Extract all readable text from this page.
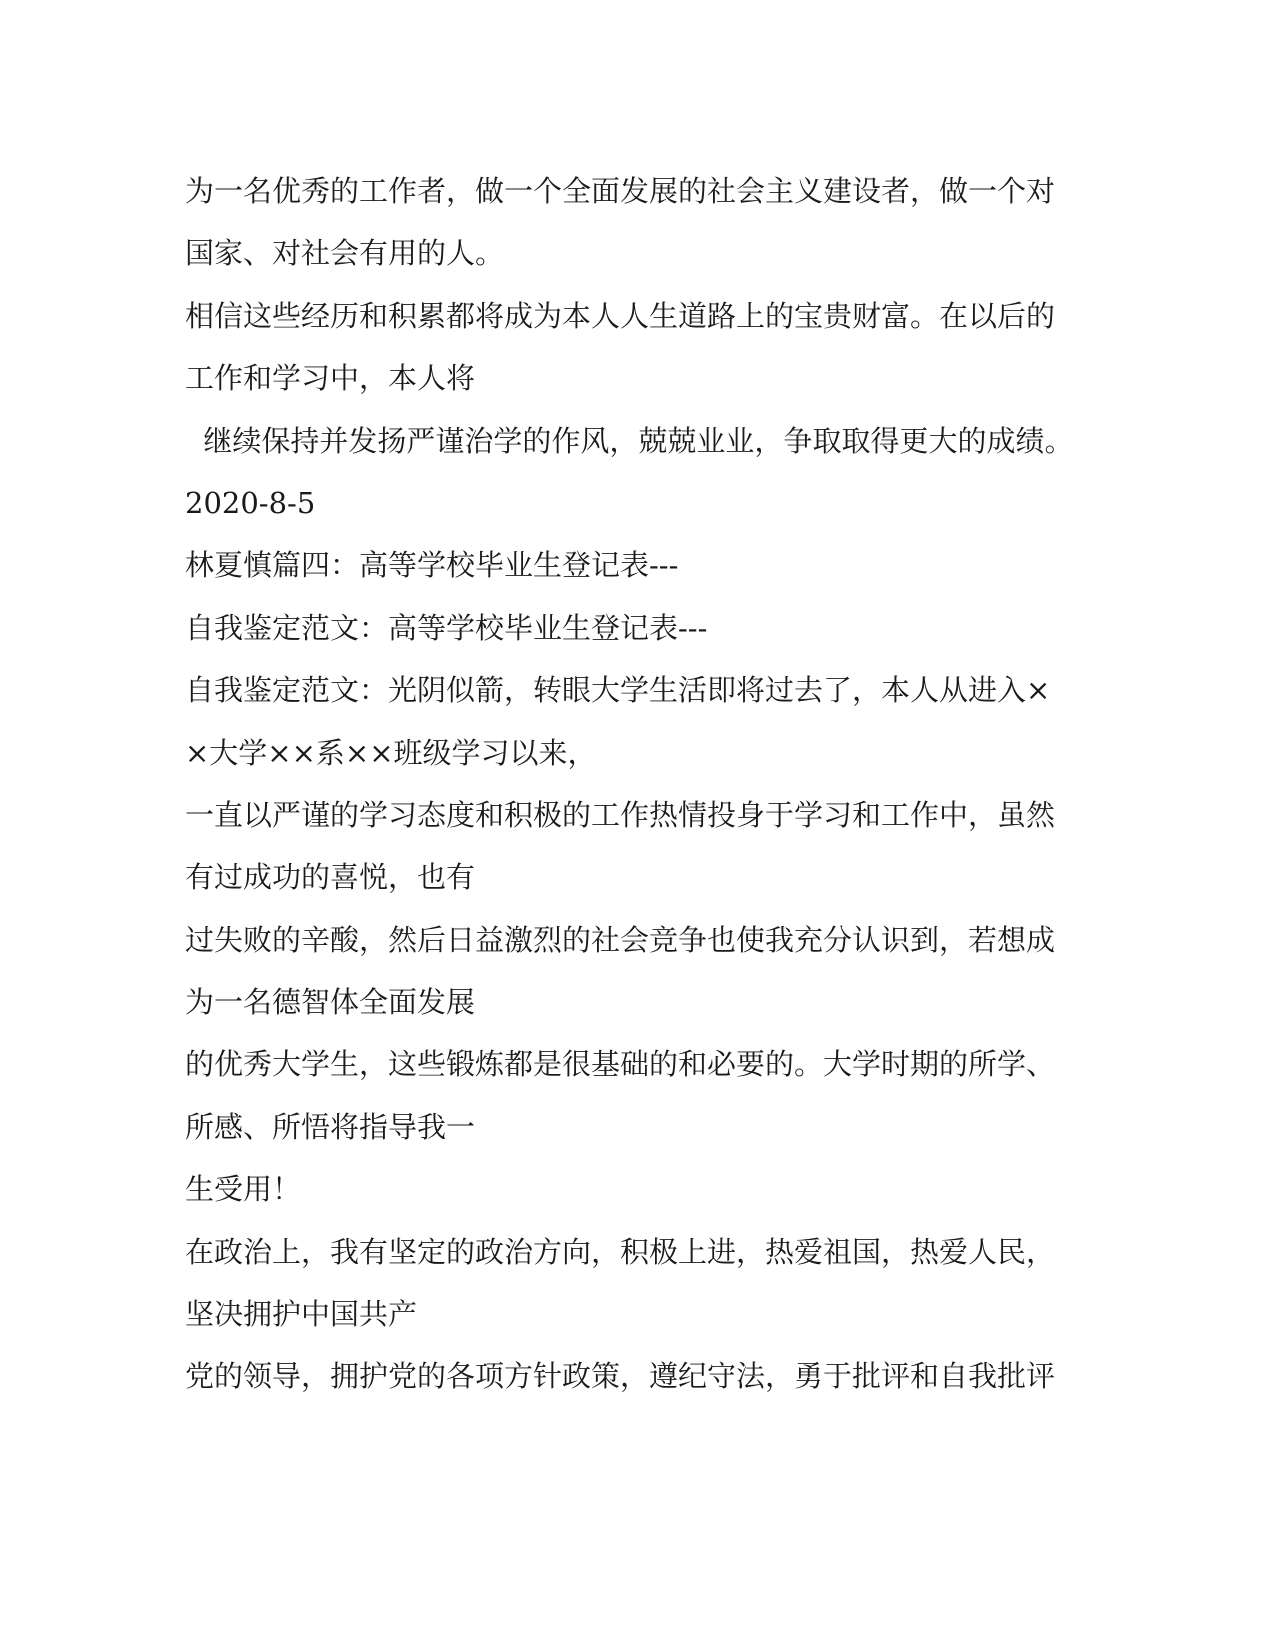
为一名优秀的工作者，做一个全面发展的社会主义建设者，做一个对
国家、对社会有用的人。
相信这些经历和积累都将成为本人人生道路上的宝贵财富。在以后的
工作和学习中，本人将
继续保持并发扬严谨治学的作风，兢兢业业，争取取得更大的成绩。
2020-8-5
林夏慎篇四：高等学校毕业生登记表---
自我鉴定范文：高等学校毕业生登记表---
自我鉴定范文：光阴似箭，转眼大学生活即将过去了，本人从进入×
×大学××系××班级学习以来，
一直以严谨的学习态度和积极的工作热情投身于学习和工作中，虽然
有过成功的喜悦，也有
过失败的辛酸，然后日益激烈的社会竞争也使我充分认识到，若想成
为一名德智体全面发展
的优秀大学生，这些锻炼都是很基础的和必要的。大学时期的所学、
所感、所悟将指导我一
生受用！
在政治上，我有坚定的政治方向，积极上进，热爱祖国，热爱人民，
坚决拥护中国共产
党的领导，拥护党的各项方针政策，遵纪守法，勇于批评和自我批评
